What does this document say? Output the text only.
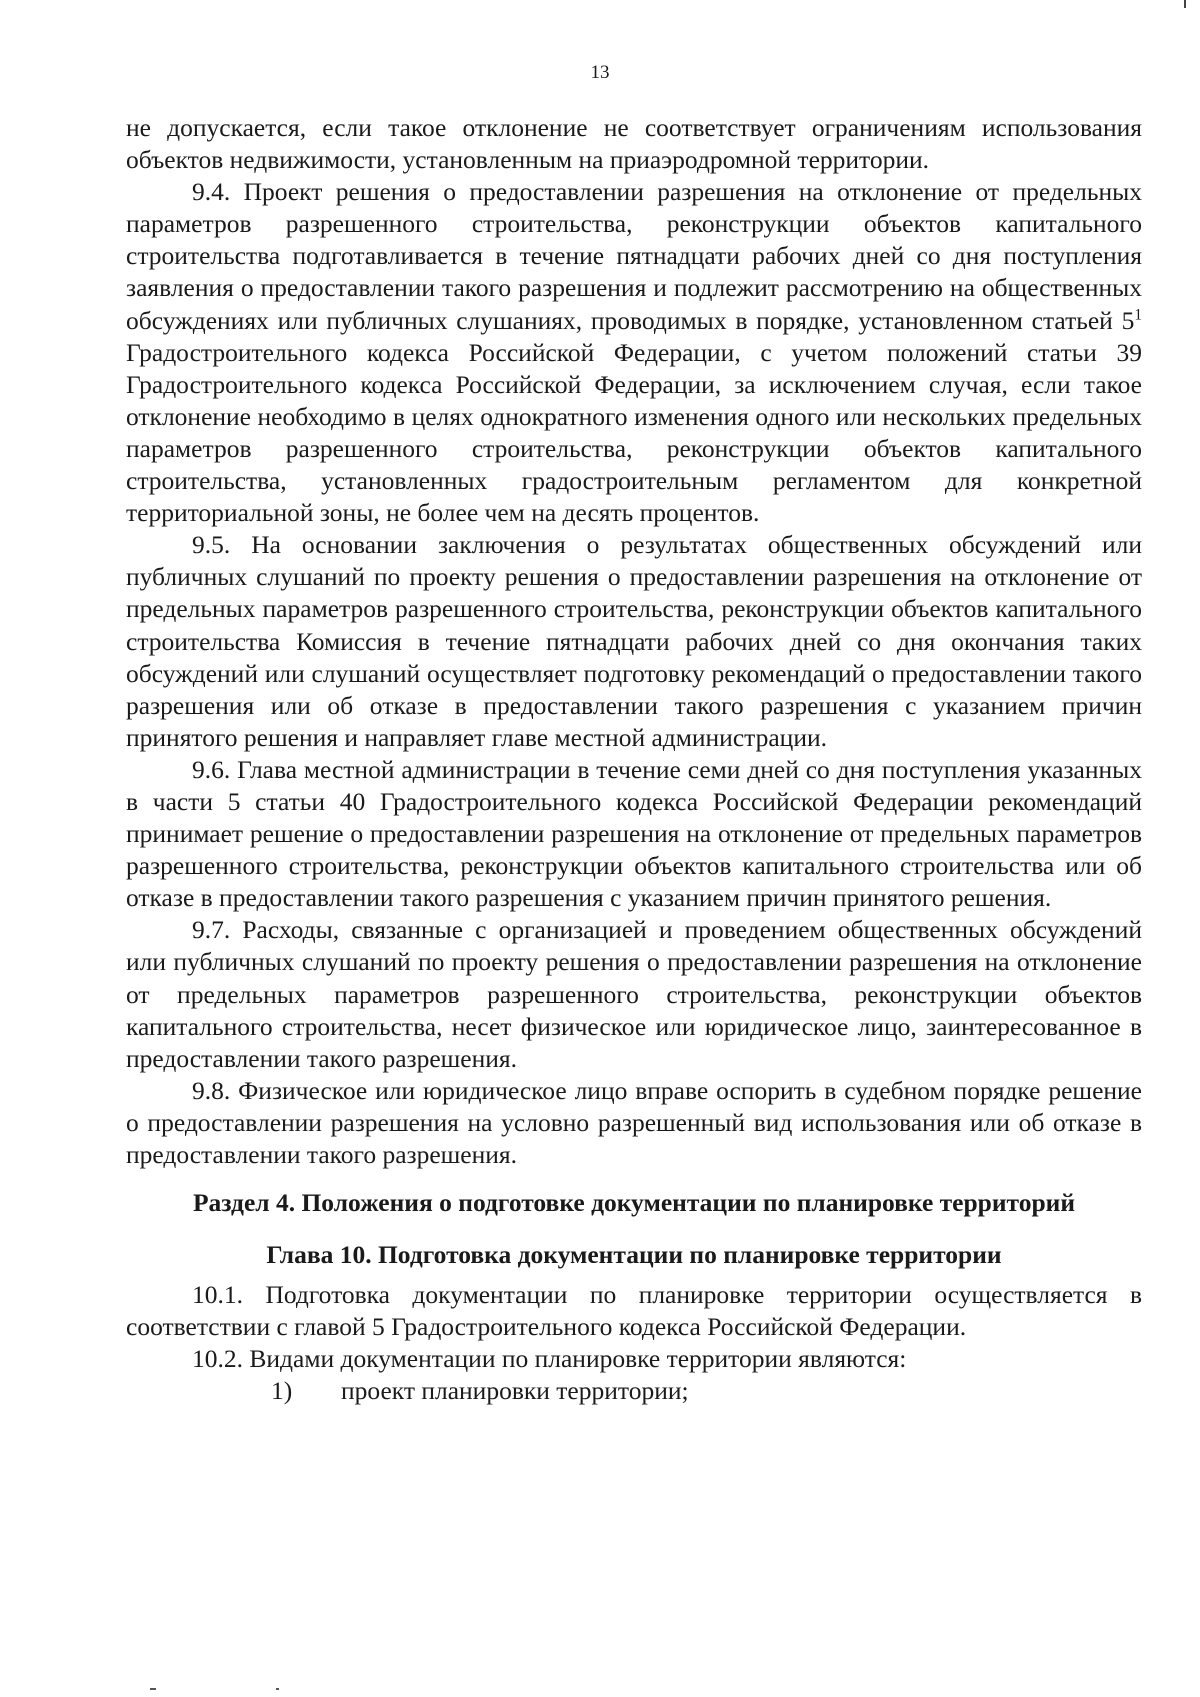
13

не допускается, если такое отклонение не соответствует ограничениям использования объектов недвижимости, установленным на приаэродромной территории.

9.4. Проект решения о предоставлении разрешения на отклонение от предельных параметров разрешенного строительства, реконструкции объектов капитального строительства подготавливается в течение пятнадцати рабочих дней со дня поступления заявления о предоставлении такого разрешения и подлежит рассмотрению на общественных обсуждениях или публичных слушаниях, проводимых в порядке, установленном статьей $5^1$ Градостроительного кодекса Российской Федерации, с учетом положений статьи 39 Градостроительного кодекса Российской Федерации, за исключением случая, если такое отклонение необходимо в целях однократного изменения одного или нескольких предельных параметров разрешенного строительства, реконструкции объектов капитального строительства, установленных градостроительным регламентом для конкретной территориальной зоны, не более чем на десять процентов.

9.5. На основании заключения о результатах общественных обсуждений или публичных слушаний по проекту решения о предоставлении разрешения на отклонение от предельных параметров разрешенного строительства, реконструкции объектов капитального строительства Комиссия в течение пятнадцати рабочих дней со дня окончания таких обсуждений или слушаний осуществляет подготовку рекомендаций о предоставлении такого разрешения или об отказе в предоставлении такого разрешения с указанием причин принятого решения и направляет главе местной администрации.

9.6. Глава местной администрации в течение семи дней со дня поступления указанных в части 5 статьи 40 Градостроительного кодекса Российской Федерации рекомендаций принимает решение о предоставлении разрешения на отклонение от предельных параметров разрешенного строительства, реконструкции объектов капитального строительства или об отказе в предоставлении такого разрешения с указанием причин принятого решения.

9.7. Расходы, связанные с организацией и проведением общественных обсуждений или публичных слушаний по проекту решения о предоставлении разрешения на отклонение от предельных параметров разрешенного строительства, реконструкции объектов капитального строительства, несет физическое или юридическое лицо, заинтересованное в предоставлении такого разрешения.

9.8. Физическое или юридическое лицо вправе оспорить в судебном порядке решение о предоставлении разрешения на условно разрешенный вид использования или об отказе в предоставлении такого разрешения.

Раздел 4. Положения о подготовке документации по планировке территорий

Глава 10. Подготовка документации по планировке территории

10.1. Подготовка документации по планировке территории осуществляется в соответствии с главой 5 Градостроительного кодекса Российской Федерации.

10.2. Видами документации по планировке территории являются:

1) проект планировки территории;
